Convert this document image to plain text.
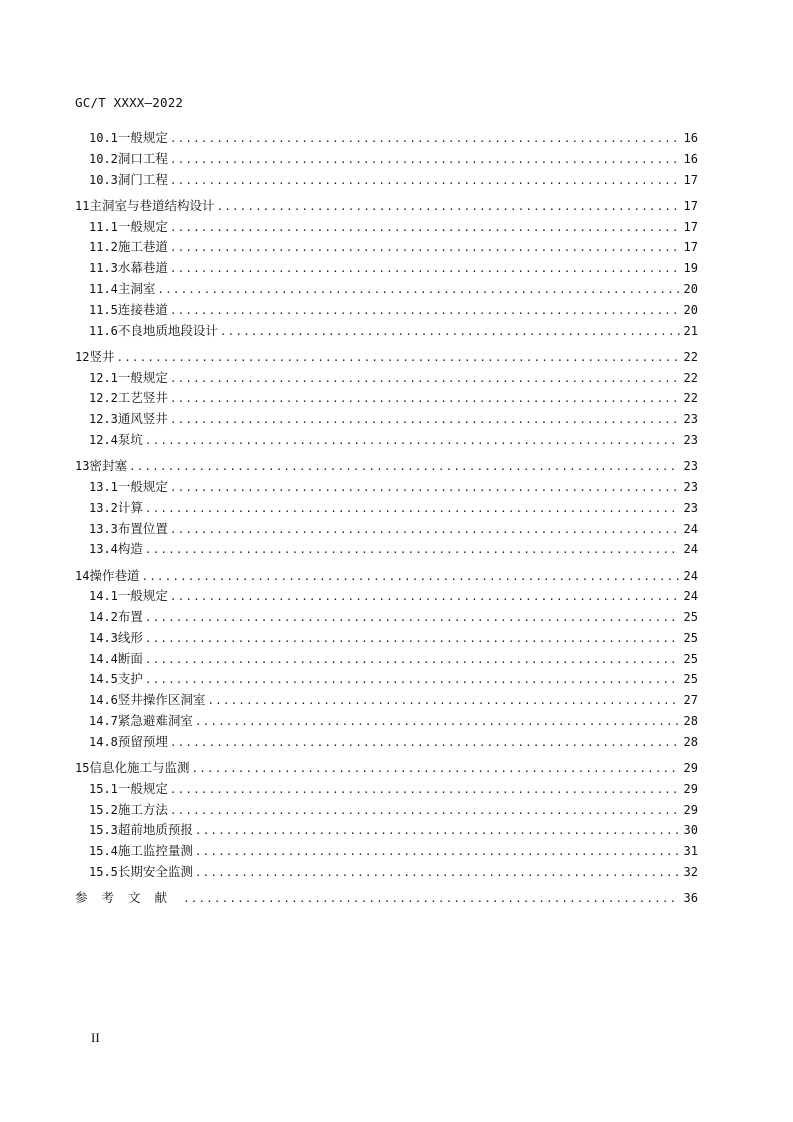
GC/T XXXX—2022
10.1 一般规定 .....	16
10.2 洞口工程 .....	16
10.3 洞门工程 .....	17
11 主洞室与巷道结构设计 .....	17
11.1 一般规定 .....	17
11.2 施工巷道 .....	17
11.3 水幕巷道 .....	19
11.4 主洞室 .....	20
11.5 连接巷道 .....	20
11.6 不良地质地段设计 .....	21
12 竖井 .....	22
12.1 一般规定 .....	22
12.2 工艺竖井 .....	22
12.3 通风竖井 .....	23
12.4 泵坑 .....	23
13 密封塞 .....	23
13.1 一般规定 .....	23
13.2 计算 .....	23
13.3 布置位置 .....	24
13.4 构造 .....	24
14 操作巷道 .....	24
14.1 一般规定 .....	24
14.2 布置 .....	25
14.3 线形 .....	25
14.4 断面 .....	25
14.5 支护 .....	25
14.6 竖井操作区洞室 .....	27
14.7 紧急避难洞室 .....	28
14.8 预留预埋 .....	28
15 信息化施工与监测 .....	29
15.1 一般规定 .....	29
15.2 施工方法 .....	29
15.3 超前地质预报 .....	30
15.4 施工监控量测 .....	31
15.5 长期安全监测 .....	32
参考文献 .....	36
II
